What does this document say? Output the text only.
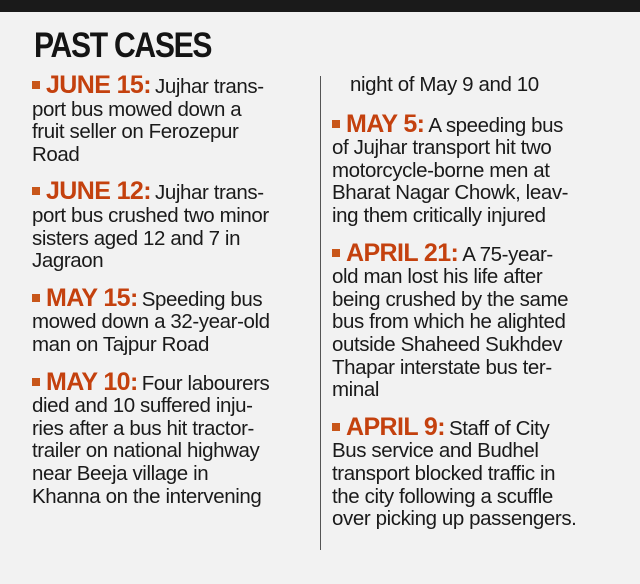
PAST CASES
JUNE 15: Jujhar trans-
port bus mowed down a
fruit seller on Ferozepur
Road
JUNE 12: Jujhar trans-
port bus crushed two minor
sisters aged 12 and 7 in
Jagraon
MAY 15: Speeding bus
mowed down a 32-year-old
man on Tajpur Road
MAY 10: Four labourers
died and 10 suffered inju-
ries after a bus hit tractor-
trailer on national highway
near Beeja village in
Khanna on the intervening
night of May 9 and 10
MAY 5: A speeding bus
of Jujhar transport hit two
motorcycle-borne men at
Bharat Nagar Chowk, leav-
ing them critically injured
APRIL 21: A 75-year-
old man lost his life after
being crushed by the same
bus from which he alighted
outside Shaheed Sukhdev
Thapar interstate bus ter-
minal
APRIL 9: Staff of City
Bus service and Budhel
transport blocked traffic in
the city following a scuffle
over picking up passengers.
